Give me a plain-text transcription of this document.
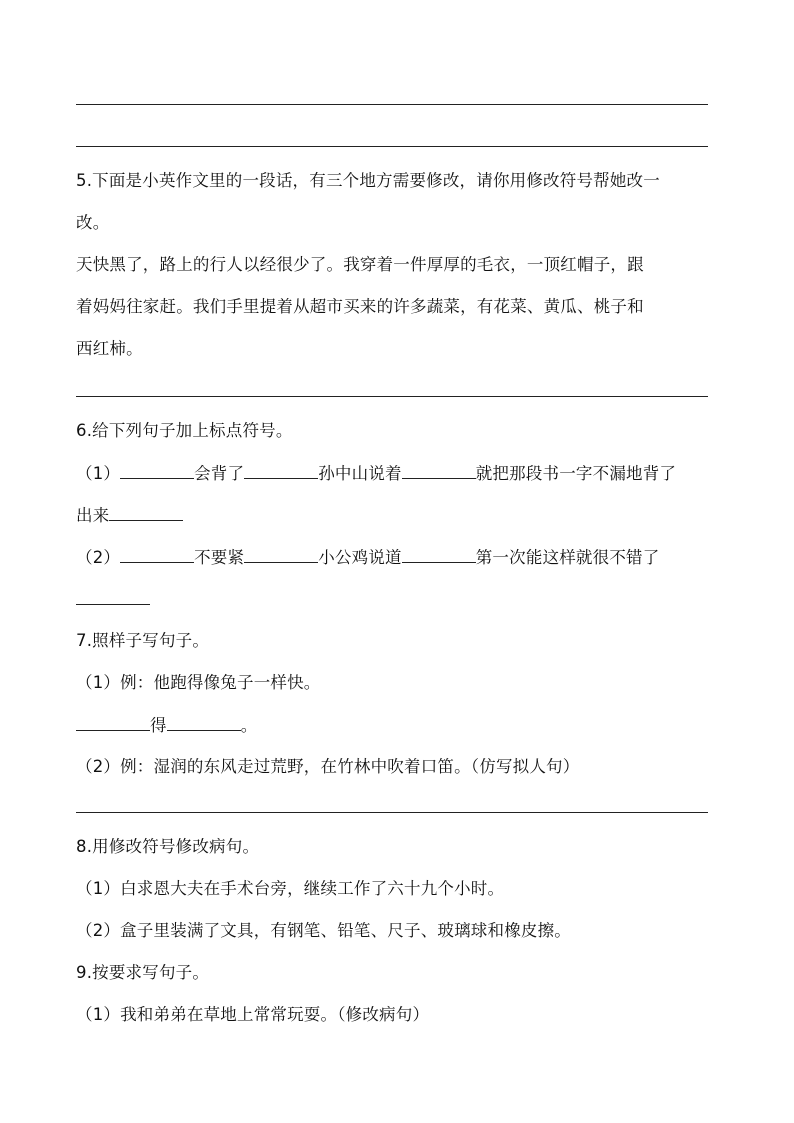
5.下面是小英作文里的一段话，有三个地方需要修改，请你用修改符号帮她改一
改。
天快黑了，路上的行人以经很少了。我穿着一件厚厚的毛衣，一顶红帽子，跟
着妈妈往家赶。我们手里提着从超市买来的许多蔬菜，有花菜、黄瓜、桃子和
西红柿。
6.给下列句子加上标点符号。
（1）	会背了	孙中山说着	就把那段书一字不漏地背了
出来
（2）	不要紧	小公鸡说道	第一次能这样就很不错了
7.照样子写句子。
（1）例：他跑得像兔子一样快。
得	。
（2）例：湿润的东风走过荒野，在竹林中吹着口笛。（仿写拟人句）
8.用修改符号修改病句。
（1）白求恩大夫在手术台旁，继续工作了六十九个小时。
（2）盒子里装满了文具，有钢笔、铅笔、尺子、玻璃球和橡皮擦。
9.按要求写句子。
（1）我和弟弟在草地上常常玩耍。（修改病句）
